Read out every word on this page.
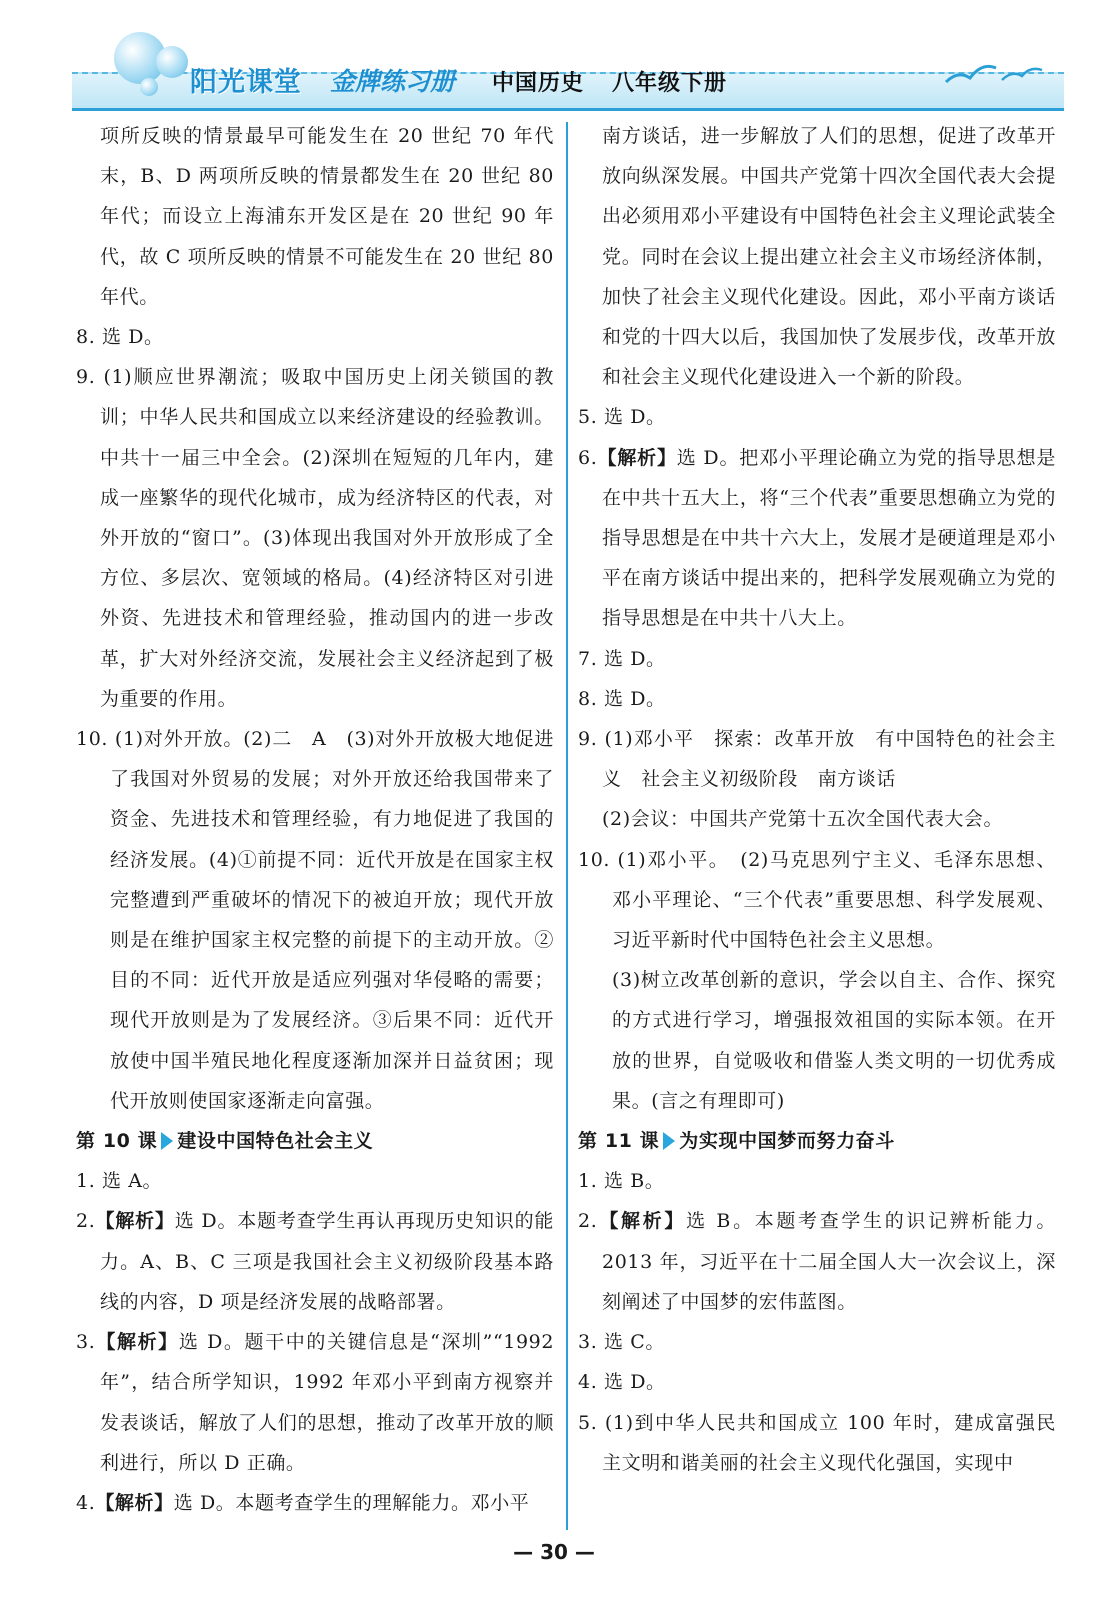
阳光课堂 金牌练习册 中国历史 八年级下册

项所反映的情景最早可能发生在 20 世纪 70 年代末，B、D 两项所反映的情景都发生在 20 世纪 80 年代；而设立上海浦东开发区是在 20 世纪 90 年代，故 C 项所反映的情景不可能发生在 20 世纪 80 年代。

8. 选 D。

9. (1)顺应世界潮流；吸取中国历史上闭关锁国的教训；中华人民共和国成立以来经济建设的经验教训。中共十一届三中全会。(2)深圳在短短的几年内，建成一座繁华的现代化城市，成为经济特区的代表，对外开放的“窗口”。(3)体现出我国对外开放形成了全方位、多层次、宽领域的格局。(4)经济特区对引进外资、先进技术和管理经验，推动国内的进一步改革，扩大对外经济交流，发展社会主义经济起到了极为重要的作用。

10. (1)对外开放。(2)二　A　(3)对外开放极大地促进了我国对外贸易的发展；对外开放还给我国带来了资金、先进技术和管理经验，有力地促进了我国的经济发展。(4)①前提不同：近代开放是在国家主权完整遭到严重破坏的情况下的被迫开放；现代开放则是在维护国家主权完整的前提下的主动开放。②目的不同：近代开放是适应列强对华侵略的需要；现代开放则是为了发展经济。③后果不同：近代开放使中国半殖民地化程度逐渐加深并日益贫困；现代开放则使国家逐渐走向富强。

第 10 课 建设中国特色社会主义

1. 选 A。

2.【解析】选 D。本题考查学生再认再现历史知识的能力。A、B、C 三项是我国社会主义初级阶段基本路线的内容，D 项是经济发展的战略部署。

3.【解析】选 D。题干中的关键信息是“深圳”“1992年”，结合所学知识，1992 年邓小平到南方视察并发表谈话，解放了人们的思想，推动了改革开放的顺利进行，所以 D 正确。

4.【解析】选 D。本题考查学生的理解能力。邓小平

南方谈话，进一步解放了人们的思想，促进了改革开放向纵深发展。中国共产党第十四次全国代表大会提出必须用邓小平建设有中国特色社会主义理论武装全党。同时在会议上提出建立社会主义市场经济体制，加快了社会主义现代化建设。因此，邓小平南方谈话和党的十四大以后，我国加快了发展步伐，改革开放和社会主义现代化建设进入一个新的阶段。

5. 选 D。

6.【解析】选 D。把邓小平理论确立为党的指导思想是在中共十五大上，将“三个代表”重要思想确立为党的指导思想是在中共十六大上，发展才是硬道理是邓小平在南方谈话中提出来的，把科学发展观确立为党的指导思想是在中共十八大上。

7. 选 D。

8. 选 D。

9. (1)邓小平　探索：改革开放　有中国特色的社会主义　社会主义初级阶段　南方谈话

(2)会议：中国共产党第十五次全国代表大会。

10. (1)邓小平。　(2)马克思列宁主义、毛泽东思想、邓小平理论、“三个代表”重要思想、科学发展观、习近平新时代中国特色社会主义思想。

(3)树立改革创新的意识，学会以自主、合作、探究的方式进行学习，增强报效祖国的实际本领。在开放的世界，自觉吸收和借鉴人类文明的一切优秀成果。(言之有理即可)

第 11 课 为实现中国梦而努力奋斗

1. 选 B。

2.【解析】选 B。本题考查学生的识记辨析能力。2013 年，习近平在十二届全国人大一次会议上，深刻阐述了中国梦的宏伟蓝图。

3. 选 C。

4. 选 D。

5. (1)到中华人民共和国成立 100 年时，建成富强民主文明和谐美丽的社会主义现代化强国，实现中

— 30 —
